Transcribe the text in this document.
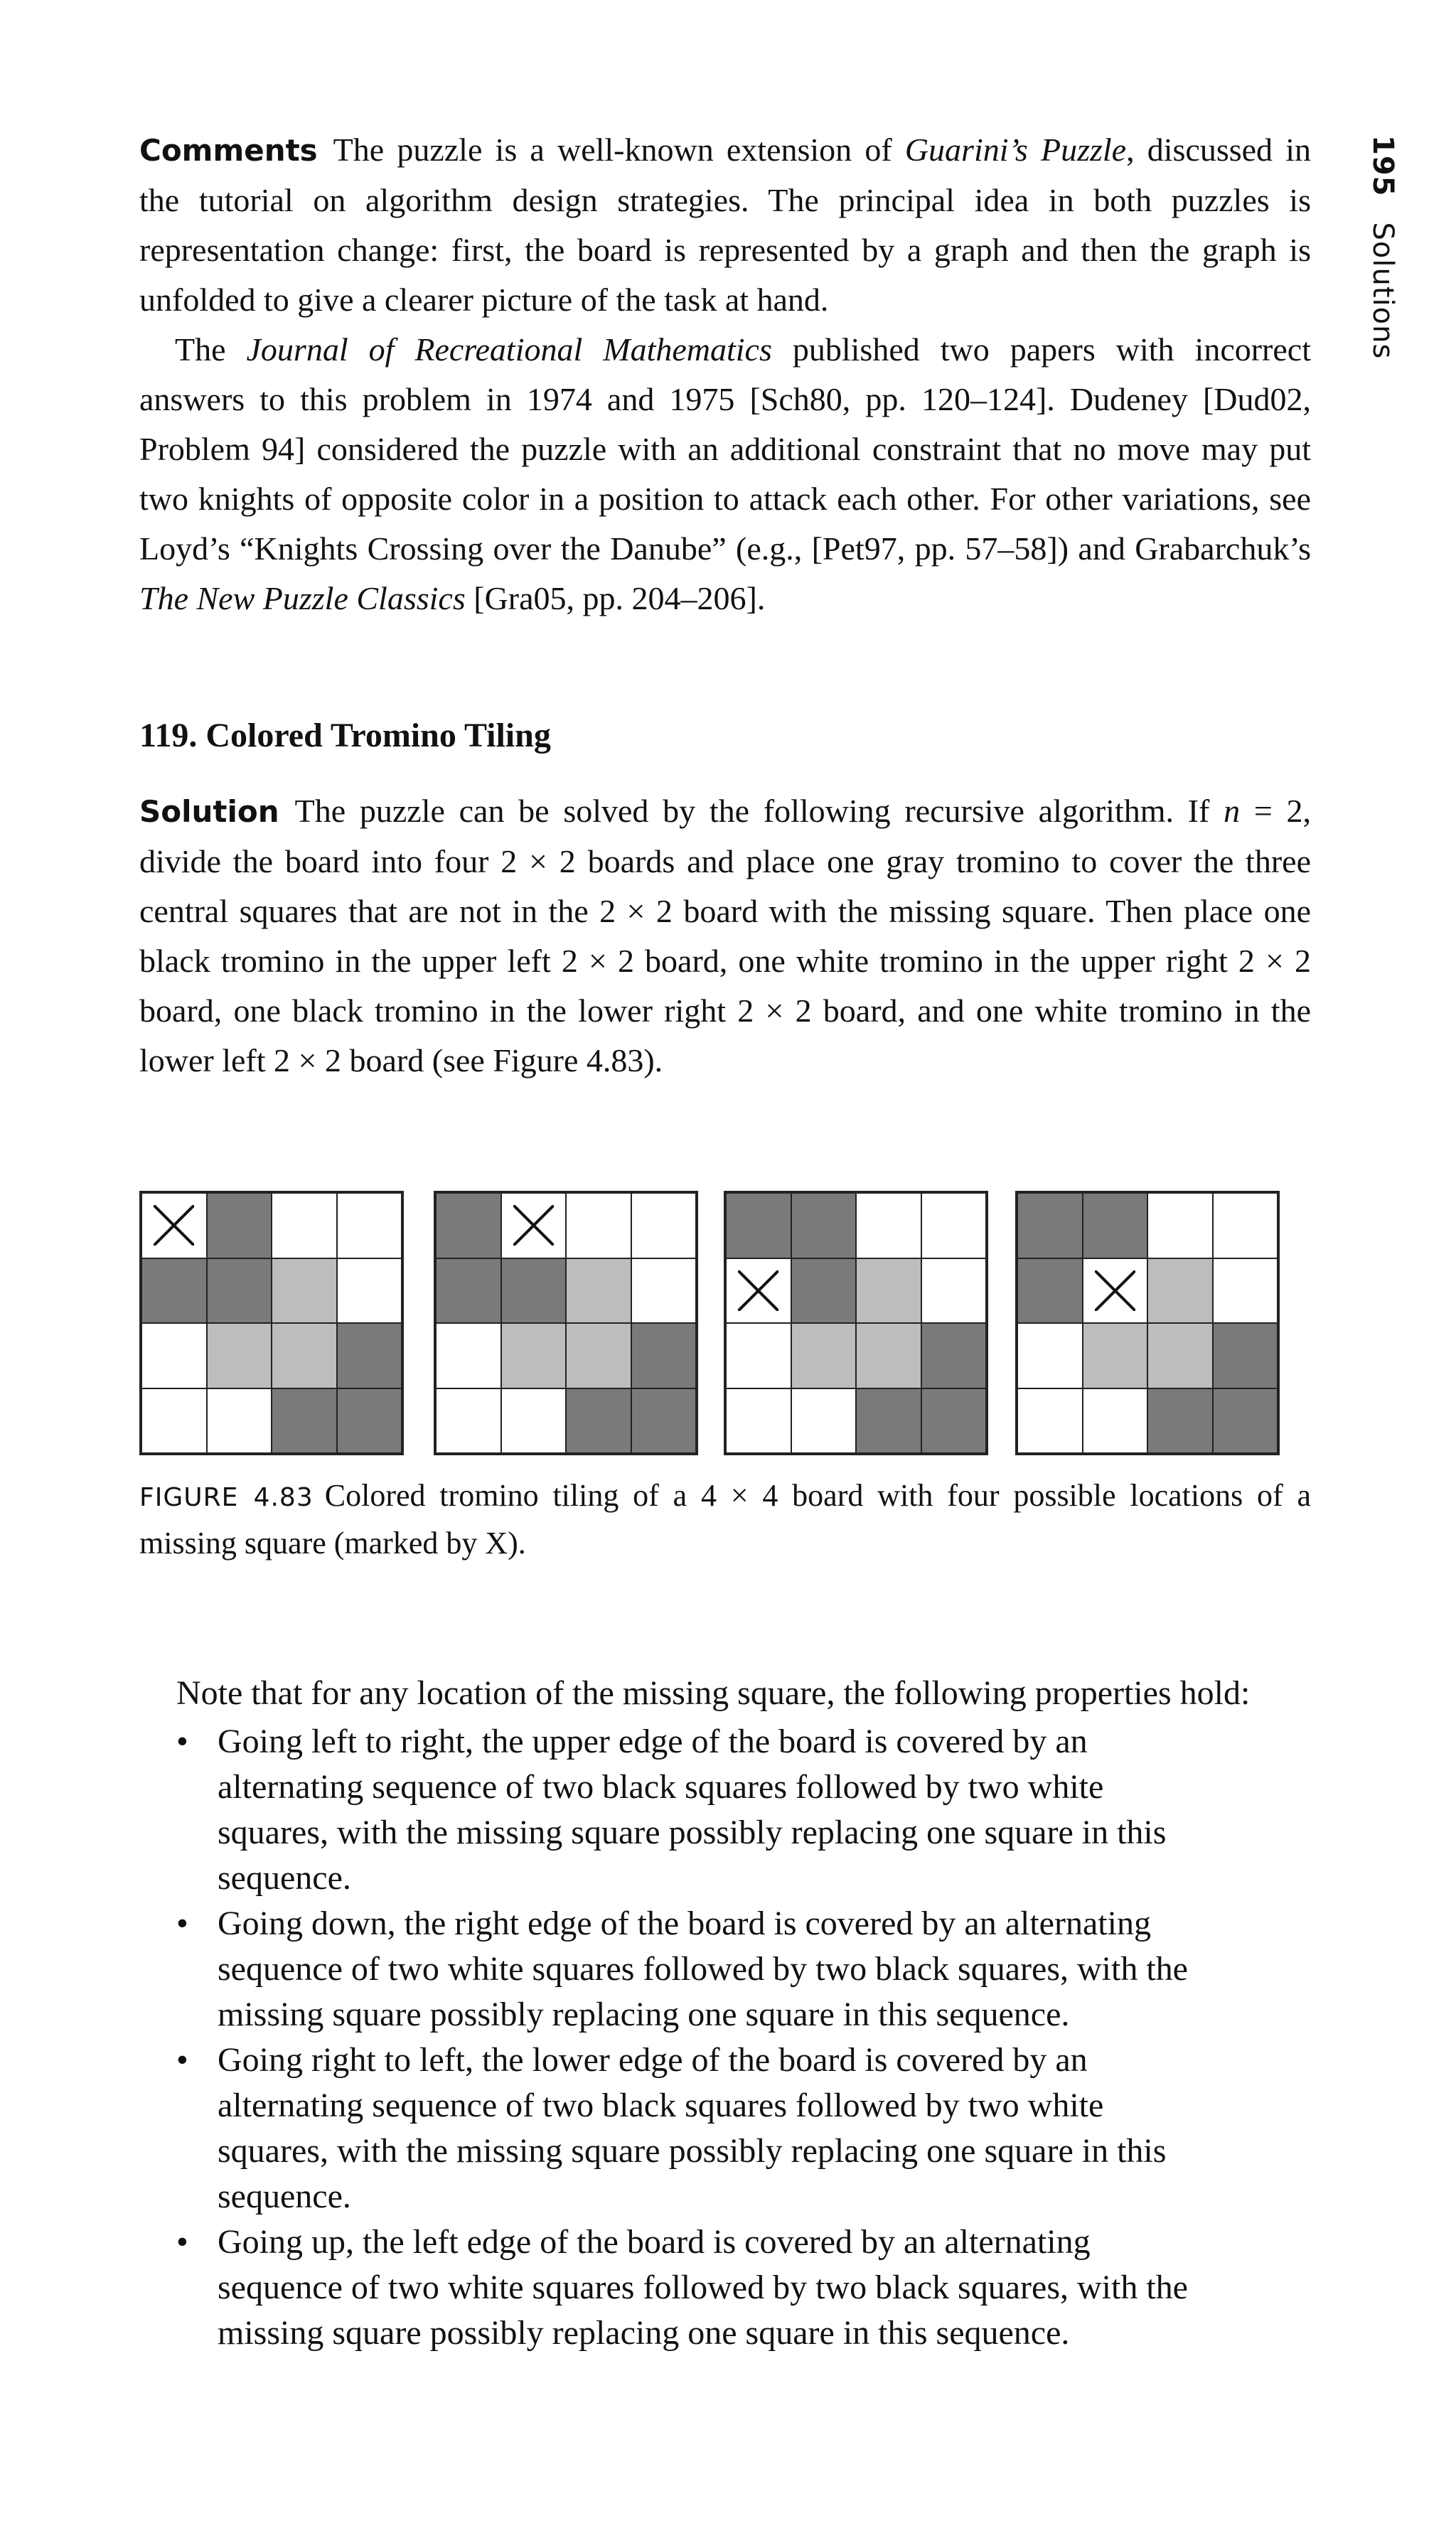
195Solutions

Comments The puzzle is a well-known extension of Guarini’s Puzzle, discussed in the tutorial on algorithm design strategies. The principal idea in both puzzles is representation change: first, the board is represented by a graph and then the graph is unfolded to give a clearer picture of the task at hand.

The Journal of Recreational Mathematics published two papers with incorrect answers to this problem in 1974 and 1975 [Sch80, pp. 120–124]. Dudeney [Dud02, Problem 94] considered the puzzle with an additional constraint that no move may put two knights of opposite color in a position to attack each other. For other variations, see Loyd’s “Knights Crossing over the Danube” (e.g., [Pet97, pp. 57–58]) and Grabarchuk’s The New Puzzle Classics [Gra05, pp. 204–206].

119. Colored Tromino Tiling

Solution The puzzle can be solved by the following recursive algorithm. If n = 2, divide the board into four 2 × 2 boards and place one gray tromino to cover the three central squares that are not in the 2 × 2 board with the missing square. Then place one black tromino in the upper left 2 × 2 board, one white tromino in the upper right 2 × 2 board, one black tromino in the lower right 2 × 2 board, and one white tromino in the lower left 2 × 2 board (see Figure 4.83).

FIGURE 4.83 Colored tromino tiling of a 4 × 4 board with four possible locations of a missing square (marked by X).

Note that for any location of the missing square, the following properties hold:

• Going left to right, the upper edge of the board is covered by an alternating sequence of two black squares followed by two white squares, with the missing square possibly replacing one square in this sequence.
• Going down, the right edge of the board is covered by an alternating sequence of two white squares followed by two black squares, with the missing square possibly replacing one square in this sequence.
• Going right to left, the lower edge of the board is covered by an alternating sequence of two black squares followed by two white squares, with the missing square possibly replacing one square in this sequence.
• Going up, the left edge of the board is covered by an alternating sequence of two white squares followed by two black squares, with the missing square possibly replacing one square in this sequence.
